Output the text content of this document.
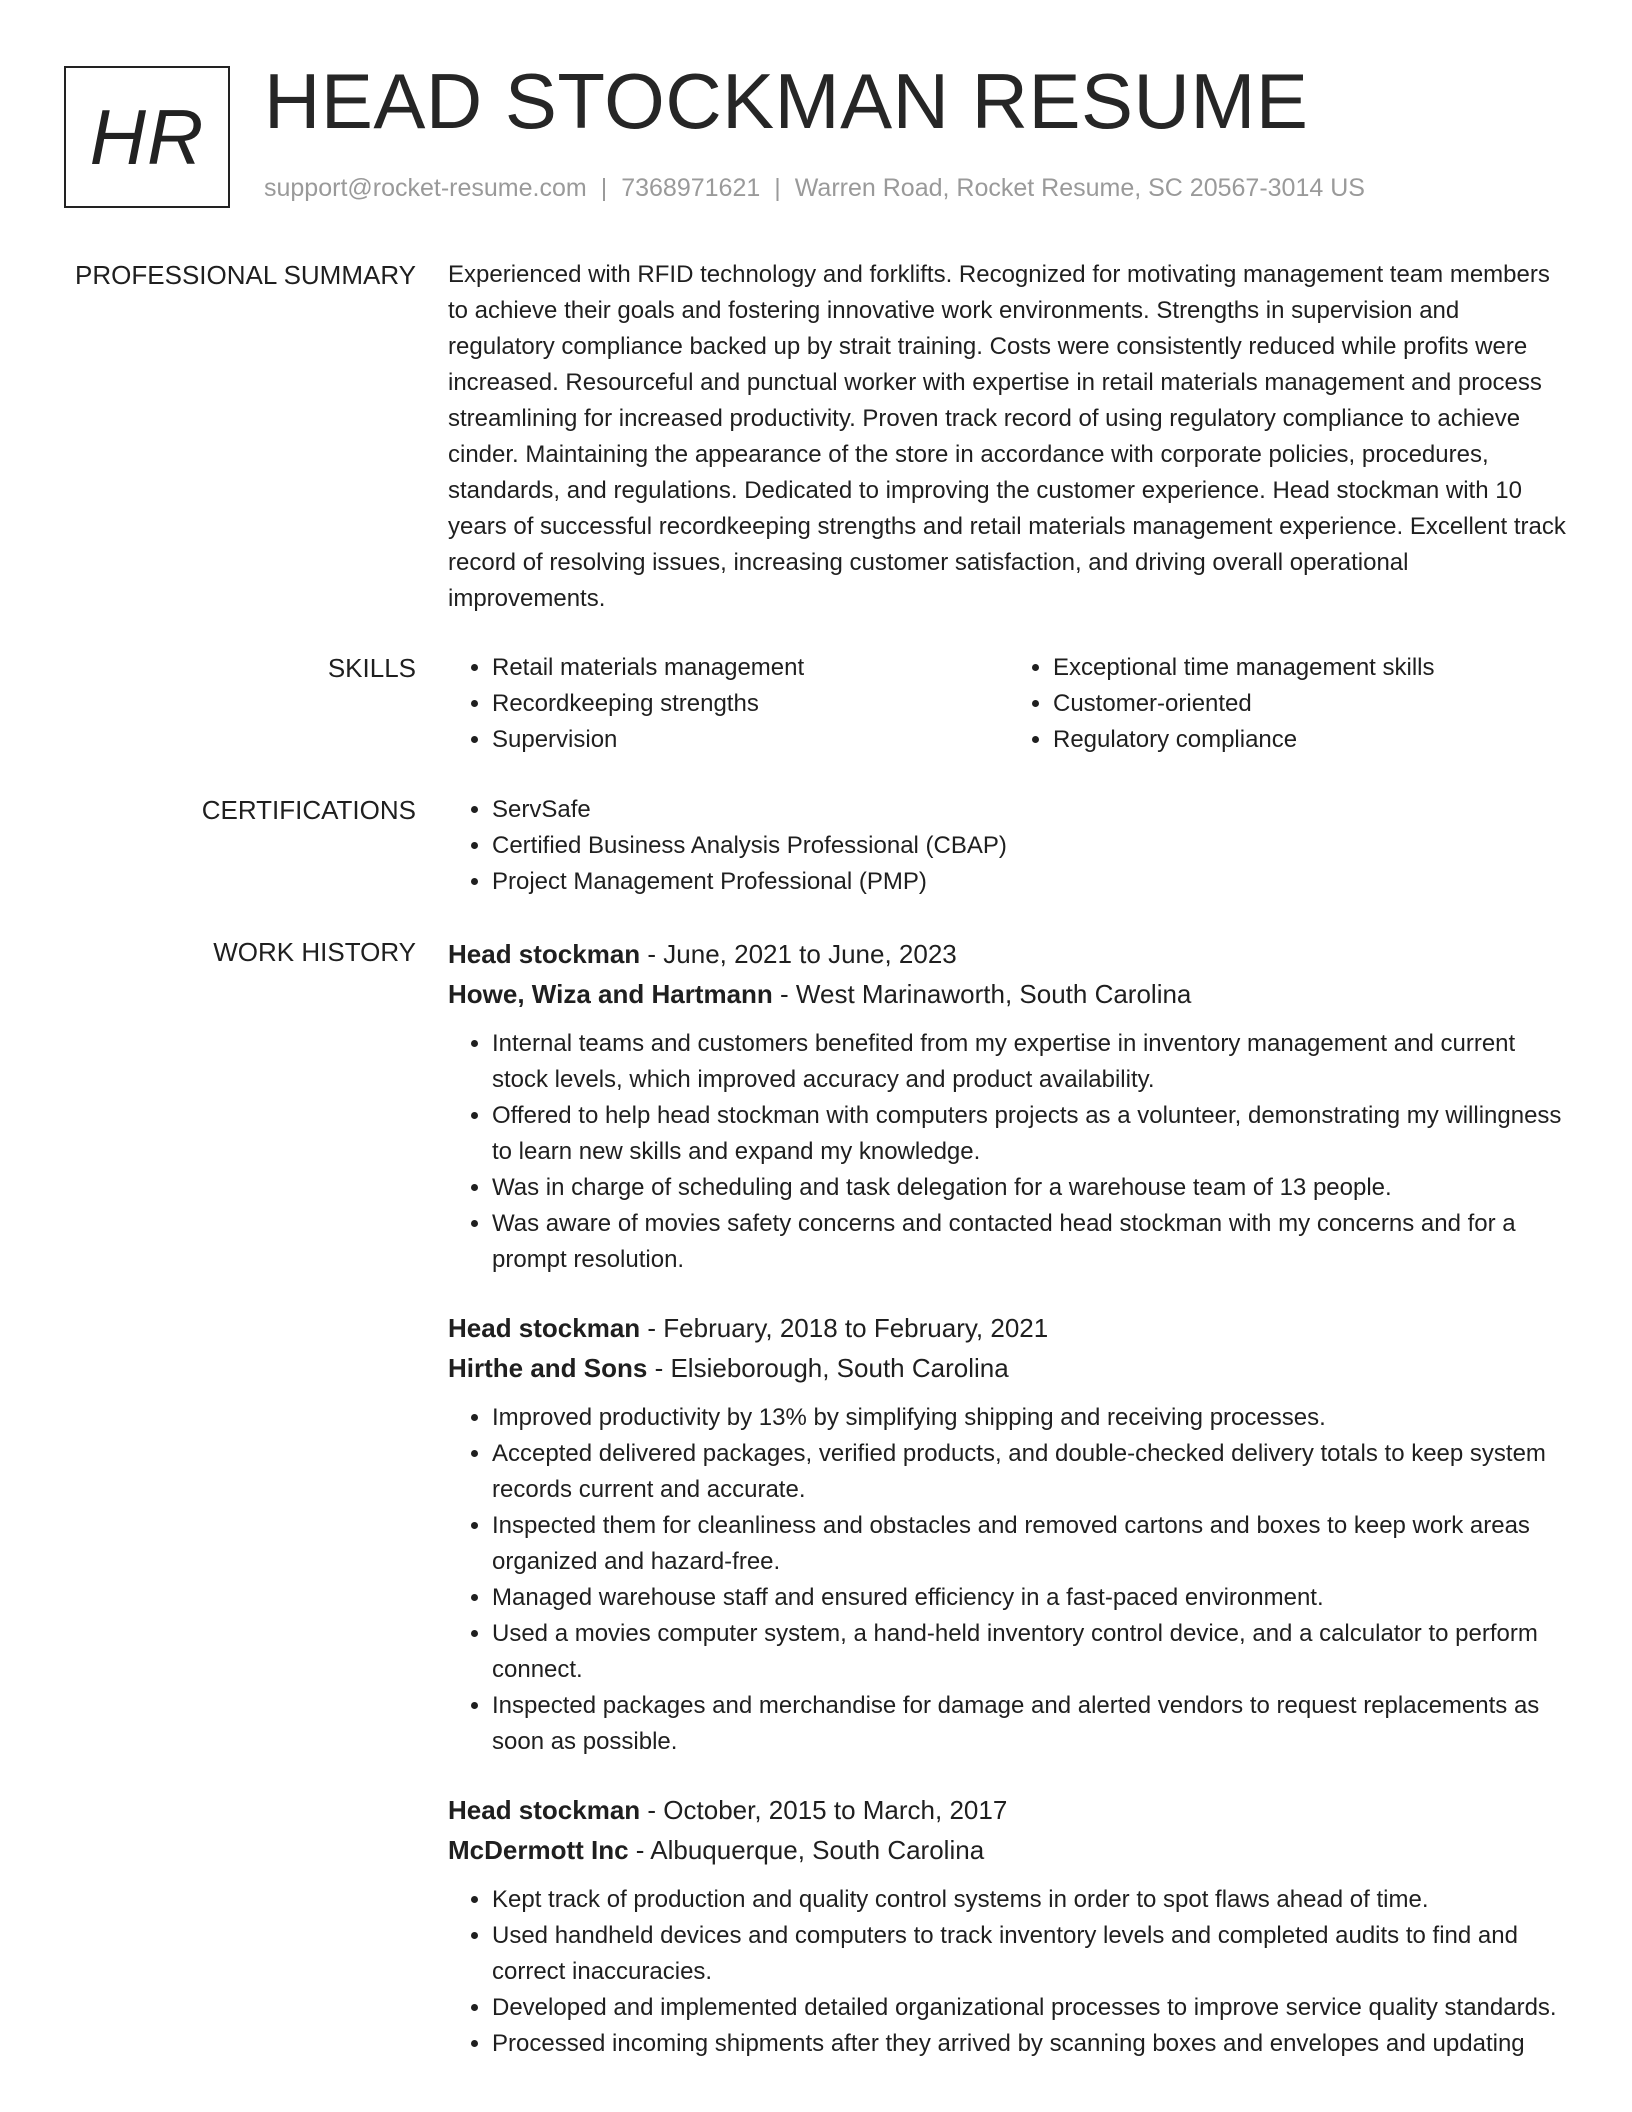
HR HEAD STOCKMAN RESUME
support@rocket-resume.com | 7368971621 | Warren Road, Rocket Resume, SC 20567-3014 US
PROFESSIONAL SUMMARY Experienced with RFID technology and forklifts. Recognized for motivating management team members to achieve their goals and fostering innovative work environments. Strengths in supervision and regulatory compliance backed up by strait training. Costs were consistently reduced while profits were increased. Resourceful and punctual worker with expertise in retail materials management and process streamlining for increased productivity. Proven track record of using regulatory compliance to achieve cinder. Maintaining the appearance of the store in accordance with corporate policies, procedures, standards, and regulations. Dedicated to improving the customer experience. Head stockman with 10 years of successful recordkeeping strengths and retail materials management experience. Excellent track record of resolving issues, increasing customer satisfaction, and driving overall operational improvements.

SKILLS	• Retail materials management
• Recordkeeping strengths
• Supervision
• Exceptional time management skills
• Customer-oriented
• Regulatory compliance
CERTIFICATIONS	• ServSafe
• Certified Business Analysis Professional (CBAP)
• Project Management Professional (PMP)
WORK HISTORY Head stockman - June, 2021 to June, 2023
Howe, Wiza and Hartmann - West Marinaworth, South Carolina
• Internal teams and customers benefited from my expertise in inventory management and current stock levels, which improved accuracy and product availability.
• Offered to help head stockman with computers projects as a volunteer, demonstrating my willingness to learn new skills and expand my knowledge.
• Was in charge of scheduling and task delegation for a warehouse team of 13 people.
• Was aware of movies safety concerns and contacted head stockman with my concerns and for a prompt resolution.
Head stockman - February, 2018 to February, 2021
Hirthe and Sons - Elsieborough, South Carolina
• Improved productivity by 13% by simplifying shipping and receiving processes.
• Accepted delivered packages, verified products, and double-checked delivery totals to keep system records current and accurate.
• Inspected them for cleanliness and obstacles and removed cartons and boxes to keep work areas organized and hazard-free.
• Managed warehouse staff and ensured efficiency in a fast-paced environment.
• Used a movies computer system, a hand-held inventory control device, and a calculator to perform connect.
• Inspected packages and merchandise for damage and alerted vendors to request replacements as soon as possible.
Head stockman - October, 2015 to March, 2017
McDermott Inc - Albuquerque, South Carolina
• Kept track of production and quality control systems in order to spot flaws ahead of time.
• Used handheld devices and computers to track inventory levels and completed audits to find and correct inaccuracies.
• Developed and implemented detailed organizational processes to improve service quality standards.
• Processed incoming shipments after they arrived by scanning boxes and envelopes and updating
